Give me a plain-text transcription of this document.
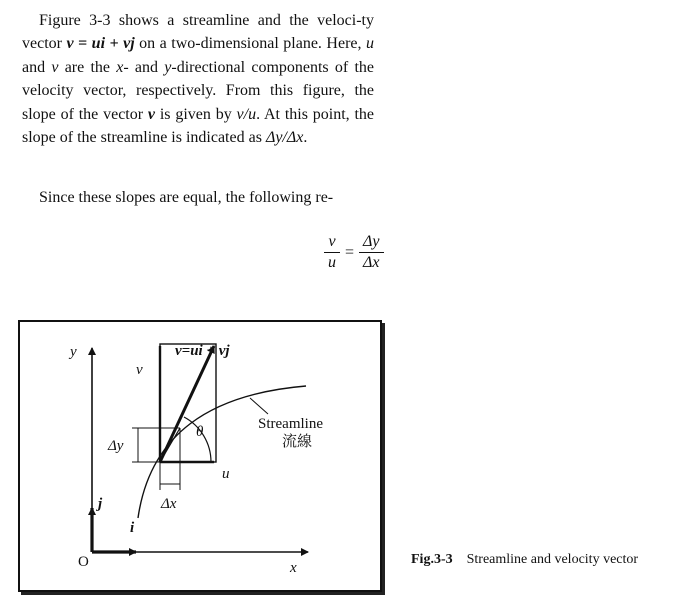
Figure 3-3 shows a streamline and the veloci-ty vector v = ui + vj on a two-dimensional plane. Here, u and v are the x- and y-directional components of the velocity vector, respectively. From this figure, the slope of the vector v is given by v/u. At this point, the slope of the streamline is indicated as Δy/Δx.

Since these slopes are equal, the following re-

$\frac{v}{u} = \frac{\Delta y}{\Delta x}$
y
x
O
j
i
v=ui + vj
v
u
Δy
Δx
θ	Streamline
流線
Fig.3-3 Streamline and velocity vector
